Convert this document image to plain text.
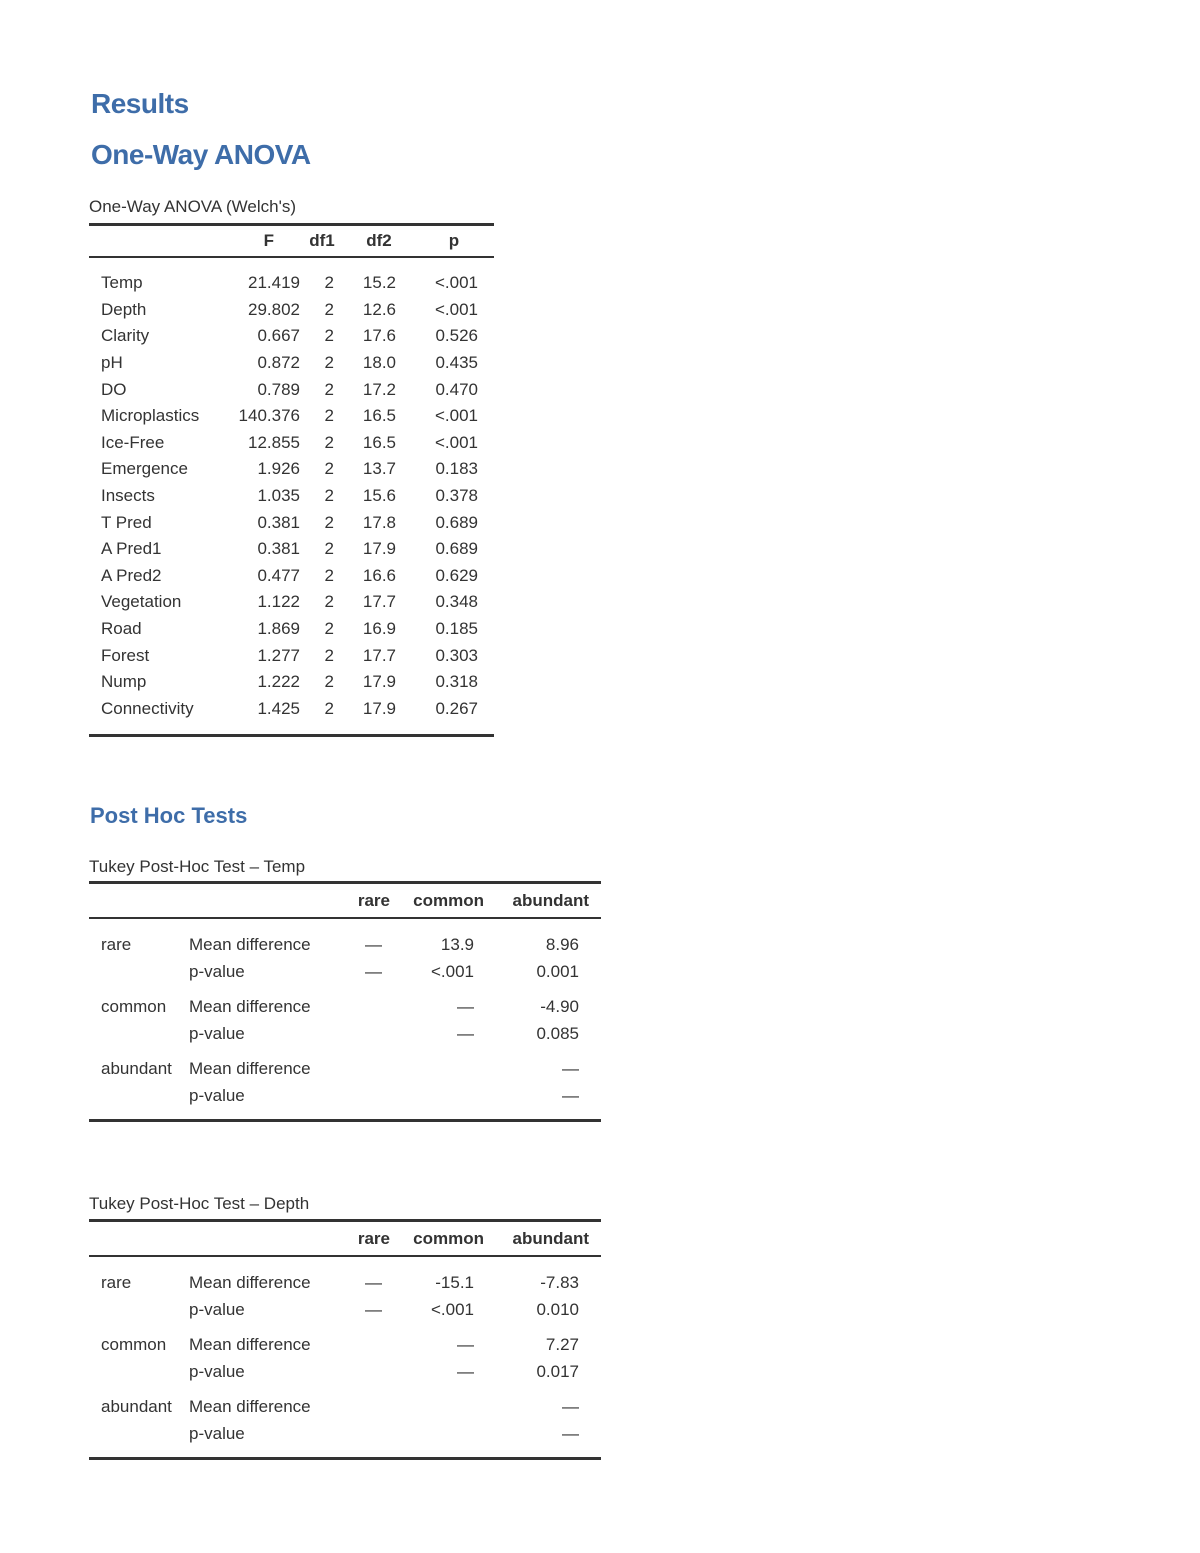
Results
One-Way ANOVA
One-Way ANOVA (Welch's)
	F	df1	df2	p
Temp	21.419	2	15.2	<.001
Depth	29.802	2	12.6	<.001
Clarity	0.667	2	17.6	0.526
pH	0.872	2	18.0	0.435
DO	0.789	2	17.2	0.470
Microplastics	140.376	2	16.5	<.001
Ice-Free	12.855	2	16.5	<.001
Emergence	1.926	2	13.7	0.183
Insects	1.035	2	15.6	0.378
T Pred	0.381	2	17.8	0.689
A Pred1	0.381	2	17.9	0.689
A Pred2	0.477	2	16.6	0.629
Vegetation	1.122	2	17.7	0.348
Road	1.869	2	16.9	0.185
Forest	1.277	2	17.7	0.303
Nump	1.222	2	17.9	0.318
Connectivity	1.425	2	17.9	0.267
Post Hoc Tests
Tukey Post-Hoc Test – Temp
		rare	common	abundant
rare	Mean difference	—	13.9	8.96
	p-value	—	<.001	0.001
common	Mean difference		—	-4.90
	p-value		—	0.085
abundant	Mean difference			—
	p-value			—
Tukey Post-Hoc Test – Depth
		rare	common	abundant
rare	Mean difference	—	-15.1	-7.83
	p-value	—	<.001	0.010
common	Mean difference		—	7.27
	p-value		—	0.017
abundant	Mean difference			—
	p-value			—
